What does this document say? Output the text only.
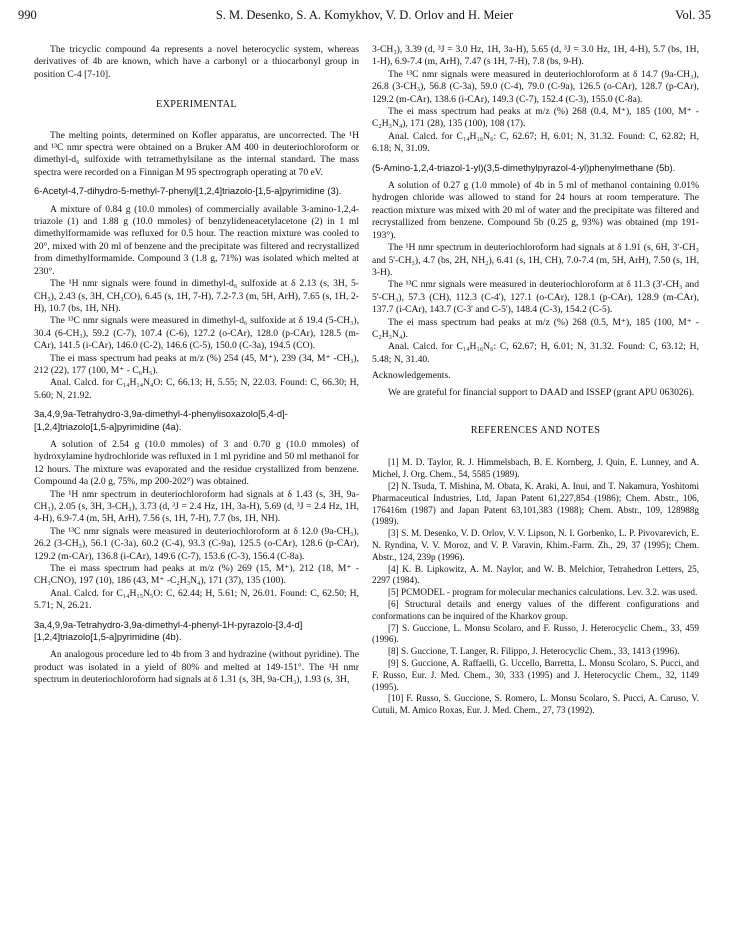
990	S. M. Desenko, S. A. Komykhov, V. D. Orlov and H. Meier	Vol. 35

The tricyclic compound 4a represents a novel heterocyclic system, whereas derivatives of 4b are known, which have a carbonyl or a thiocarbonyl group in position C-4 [7-10].

EXPERIMENTAL

The melting points, determined on Kofler apparatus, are uncorrected. The ¹H and ¹³C nmr spectra were obtained on a Bruker AM 400 in deuteriochloroform or dimethyl-d₆ sulfoxide with tetramethylsilane as the internal standard. The mass spectra were recorded on a Finnigan M 95 spectrograph operating at 70 eV.

6-Acetyl-4,7-dihydro-5-methyl-7-phenyl[1,2,4]triazolo-[1,5-a]pyrimidine (3).

A mixture of 0.84 g (10.0 mmoles) of commercially available 3-amino-1,2,4-triazole (1) and 1.88 g (10.0 mmoles) of benzylideneacetylacetone (2) in 1 ml dimethylformamide was refluxed for 0.5 hour. The reaction mixture was cooled to 20°, mixed with 20 ml of benzene and the precipitate was filtered and recrystallized from dimethylformamide. Compound 3 (1.8 g, 71%) was isolated which melted at 230°.

The ¹H nmr signals were found in dimethyl-d₆ sulfoxide at δ 2.13 (s, 3H, 5-CH₃), 2.43 (s, 3H, CH₃CO), 6.45 (s, 1H, 7-H), 7.2-7.3 (m, 5H, ArH), 7.65 (s, 1H, 2-H), 10.7 (bs, 1H, NH).

The ¹³C nmr signals were measured in dimethyl-d₆ sulfoxide at δ 19.4 (5-CH₃), 30.4 (6-CH₃), 59.2 (C-7), 107.4 (C-6), 127.2 (o-CAr), 128.0 (p-CAr), 128.5 (m-CAr), 141.5 (i-CAr), 146.0 (C-2), 146.6 (C-5), 150.0 (C-3a), 194.5 (CO).

The ei mass spectrum had peaks at m/z (%) 254 (45, M⁺), 239 (34, M⁺ -CH₃), 212 (22), 177 (100, M⁺ - C₆H₅).

Anal. Calcd. for C₁₄H₁₄N₄O: C, 66.13; H, 5.55; N, 22.03. Found: C, 66.30; H, 5.60; N, 21.92.

3a,4,9,9a-Tetrahydro-3,9a-dimethyl-4-phenylisoxazolo[5,4-d]-[1,2,4]triazolo[1,5-a]pyrimidine (4a).

A solution of 2.54 g (10.0 mmoles) of 3 and 0.70 g (10.0 mmoles) of hydroxylamine hydrochloride was refluxed in 1 ml pyridine and 50 ml methanol for 12 hours. The mixture was evaporated and the residue crystallized from benzene. Compound 4a (2.0 g, 75%, mp 200-202°) was obtained.

The ¹H nmr spectrum in deuteriochloroform had signals at δ 1.43 (s, 3H, 9a-CH₃), 2.05 (s, 3H, 3-CH₃), 3.73 (d, ³J = 2.4 Hz, 1H, 3a-H), 5.69 (d, ³J = 2.4 Hz, 1H, 4-H), 6.9-7.4 (m, 5H, ArH), 7.56 (s, 1H, 7-H), 7.7 (bs, 1H, NH).

The ¹³C nmr signals were measured in deuteriochloroform at δ 12.0 (9a-CH₃), 26.2 (3-CH₃), 56.1 (C-3a), 60.2 (C-4), 93.3 (C-9a), 125.5 (o-CAr), 128.6 (p-CAr), 129.2 (m-CAr), 136.8 (i-CAr), 149.6 (C-7), 153.6 (C-3), 156.4 (C-8a).

The ei mass spectrum had peaks at m/z (%) 269 (15, M⁺), 212 (18, M⁺ -CH₃CNO), 197 (10), 186 (43, M⁺ -C₂H₃N₄), 171 (37), 135 (100).

Anal. Calcd. for C₁₄H₁₅N₅O: C, 62.44; H, 5.61; N, 26.01. Found: C, 62.50; H, 5.71; N, 26.21.

3a,4,9,9a-Tetrahydro-3,9a-dimethyl-4-phenyl-1H-pyrazolo-[3,4-d][1,2,4]triazolo[1,5-a]pyrimidine (4b).

An analogous procedure led to 4b from 3 and hydrazine (without pyridine). The product was isolated in a yield of 80% and melted at 149-151°. The ¹H nmr spectrum in deuteriochloroform had signals at δ 1.31 (s, 3H, 9a-CH₃), 1.93 (s, 3H,

3-CH₃), 3.39 (d, ³J = 3.0 Hz, 1H, 3a-H), 5.65 (d, ³J = 3.0 Hz, 1H, 4-H), 5.7 (bs, 1H, 1-H), 6.9-7.4 (m, ArH), 7.47 (s 1H, 7-H), 7.8 (bs, 9-H).

The ¹³C nmr signals were measured in deuteriochloroform at δ 14.7 (9a-CH₃), 26.8 (3-CH₃), 56.8 (C-3a), 59.0 (C-4), 79.0 (C-9a), 126.5 (o-CAr), 128.7 (p-CAr), 129.2 (m-CAr), 138.6 (i-CAr), 149.3 (C-7), 152.4 (C-3), 155.0 (C-8a).

The ei mass spectrum had peaks at m/z (%) 268 (0.4, M⁺), 185 (100, M⁺ -C₂H₃N₄), 171 (28), 135 (100), 108 (17).

Anal. Calcd. for C₁₄H₁₆N₆: C, 62.67; H, 6.01; N, 31.32. Found: C, 62.82; H, 6.18; N, 31.09.

(5-Amino-1,2,4-triazol-1-yl)(3,5-dimethylpyrazol-4-yl)phenylmethane (5b).

A solution of 0.27 g (1.0 mmole) of 4b in 5 ml of methanol containing 0.01% hydrogen chloride was allowed to stand for 24 hours at room temperature. The reaction mixture was mixed with 20 ml of water and the precipitate was filtered and recrystallized from benzene. Compound 5b (0.25 g, 93%) was obtained (mp 191-193°).

The ¹H nmr spectrum in deuteriochloroform had signals at δ 1.91 (s, 6H, 3'-CH₃ and 5'-CH₃), 4.7 (bs, 2H, NH₂), 6.41 (s, 1H, CH), 7.0-7.4 (m, 5H, ArH), 7.50 (s, 1H, 3-H).

The ¹³C nmr signals were measured in deuteriochloroform at δ 11.3 (3'-CH₃ and 5'-CH₃), 57.3 (CH), 112.3 (C-4'), 127.1 (o-CAr), 128.1 (p-CAr), 128.9 (m-CAr), 137.7 (i-CAr), 143.7 (C-3' and C-5'), 148.4 (C-3), 154.2 (C-5).

The ei mass spectrum had peaks at m/z (%) 268 (0.5, M⁺), 185 (100, M⁺ -C₂H₃N₄).

Anal. Calcd. for C₁₄H₁₆N₆: C, 62.67; H, 6.01; N, 31.32. Found: C, 63.12; H, 5.48; N, 31.40.

Acknowledgements.

We are grateful for financial support to DAAD and ISSEP (grant APU 063026).

REFERENCES AND NOTES

[1] M. D. Taylor, R. J. Himmelsbach, B. E. Kornberg, J. Quin, E. Lunney, and A. Michel, J. Org. Chem., 54, 5585 (1989).

[2] N. Tsuda, T. Mishina, M. Obata, K. Araki, A. Inui, and T. Nakamura, Yoshitomi Pharmaceutical Industries, Ltd, Japan Patent 61,227,854 (1986); Chem. Abstr., 106, 176416m (1987) and Japan Patent 63,101,383 (1988); Chem. Abstr., 109, 128988g (1989).

[3] S. M. Desenko, V. D. Orlov, V. V. Lipson, N. I. Gorbenko, L. P. Pivovarevich, E. N. Ryndina, V. V. Moroz, and V. P. Varavin, Khim.-Farm. Zh., 29, 37 (1995); Chem. Abstr., 124, 239p (1996).

[4] K. B. Lipkowitz, A. M. Naylor, and W. B. Melchior, Tetrahedron Letters, 25, 2297 (1984).

[5] PCMODEL - program for molecular mechanics calculations. Lev. 3.2. was used.

[6] Structural details and energy values of the different configurations and conformations can be inquired of the Kharkov group.

[7] S. Guccione, L. Monsu Scolaro, and F. Russo, J. Heterocyclic Chem., 33, 459 (1996).

[8] S. Guccione, T. Langer, R. Filippo, J. Heterocyclic Chem., 33, 1413 (1996).

[9] S. Guccione, A. Raffaelli, G. Uccello, Barretta, L. Monsu Scolaro, S. Pucci, and F. Russo, Eur. J. Med. Chem., 30, 333 (1995) and J. Heterocyclic Chem., 32, 1149 (1995).

[10] F. Russo, S. Guccione, S. Romero, L. Monsu Scolaro, S. Pucci, A. Caruso, V. Cutuli, M. Amico Roxas, Eur. J. Med. Chem., 27, 73 (1992).
